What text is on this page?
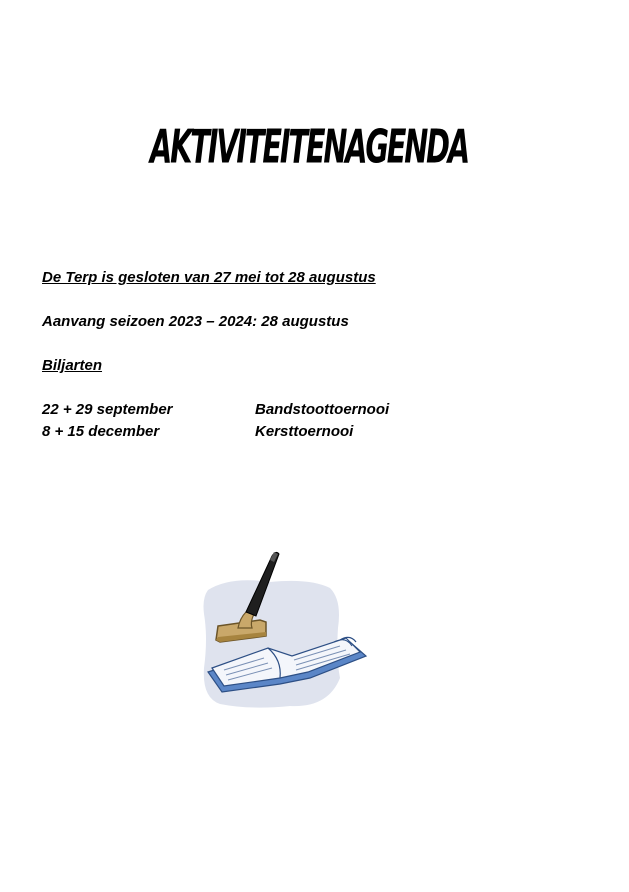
AKTIVITEITENAGENDA
De Terp is gesloten van 27 mei tot 28 augustus
Aanvang seizoen 2023 – 2024: 28 augustus
Biljarten
22 + 29 september	Bandstoottoernooi
8 + 15 december	Kersttoernooi
